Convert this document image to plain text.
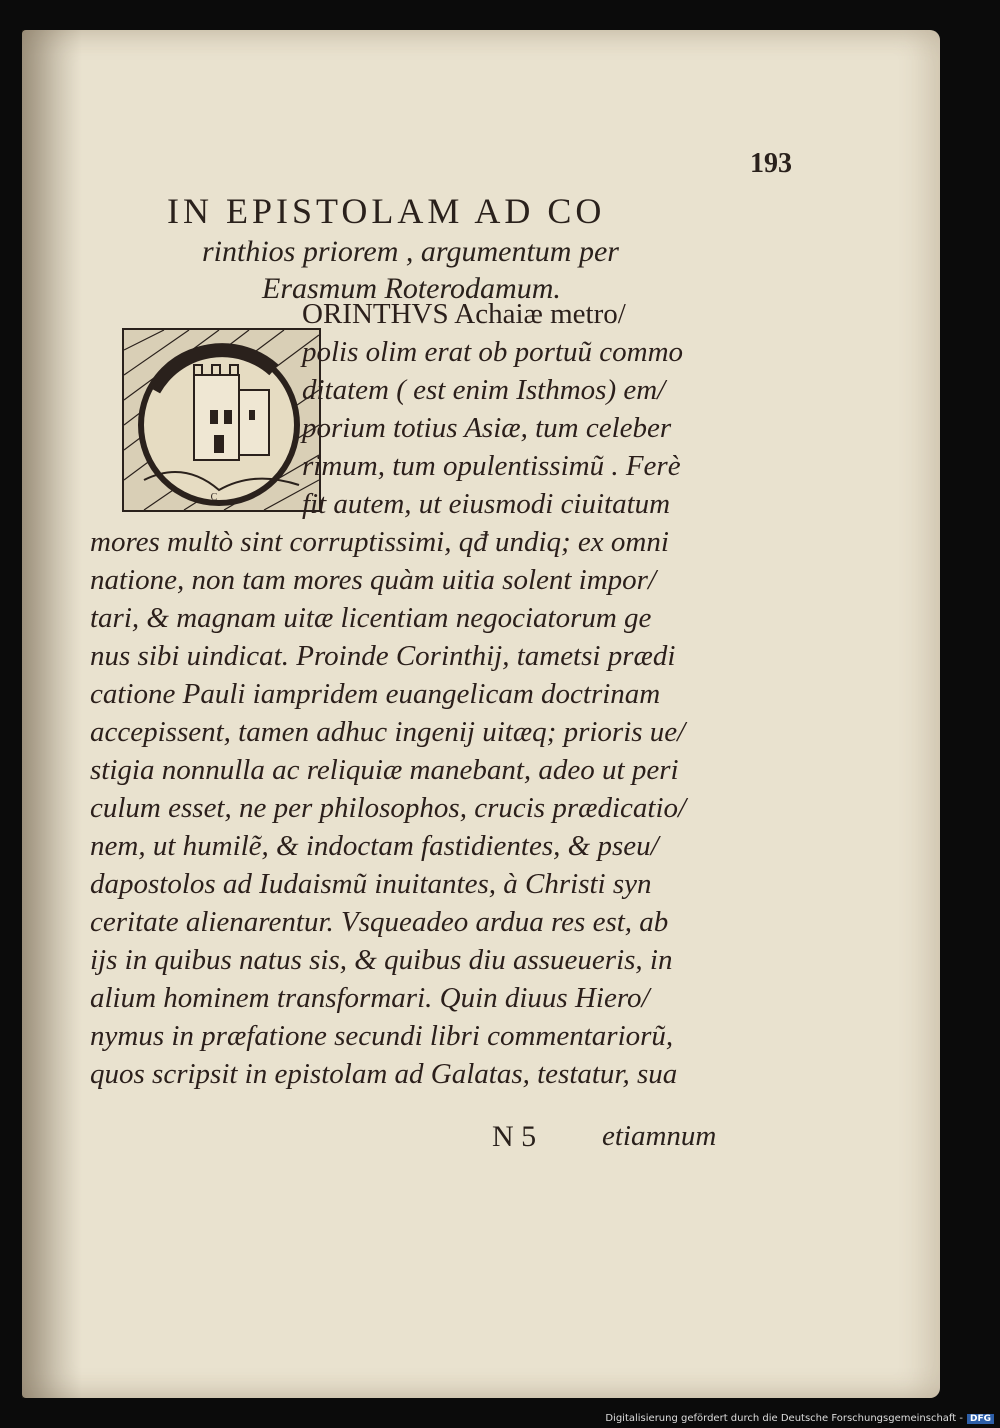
193
IN EPISTOLAM AD CO
rinthios priorem , argumentum per
Erasmum Roterodamum.
C
ORINTHVS Achaiæ metro/
polis olim erat ob portuũ commo
ditatem ( est enim Isthmos) em/
porium totius Asiæ, tum celeber
rimum, tum opulentissimũ . Ferè
fit autem, ut eiusmodi ciuitatum
mores multò sint corruptissimi, qđ undiq; ex omni
natione, non tam mores quàm uitia solent impor/
tari, & magnam uitæ licentiam negociatorum ge
nus sibi uindicat. Proinde Corinthij, tametsi prædi
catione Pauli iampridem euangelicam doctrinam
accepissent, tamen adhuc ingenij uitæq; prioris ue/
stigia nonnulla ac reliquiæ manebant, adeo ut peri
culum esset, ne per philosophos, crucis prædicatio/
nem, ut humilẽ, & indoctam fastidientes, & pseu/
dapostolos ad Iudaismũ inuitantes, à Christi syn
ceritate alienarentur. Vsqueadeo ardua res est, ab
ijs in quibus natus sis, & quibus diu assueueris, in
alium hominem transformari. Quin diuus Hiero/
nymus in præfatione secundi libri commentariorũ,
quos scripsit in epistolam ad Galatas, testatur, sua
N 5 etiamnum
Digitalisierung gefördert durch die Deutsche Forschungsgemeinschaft - DFG
